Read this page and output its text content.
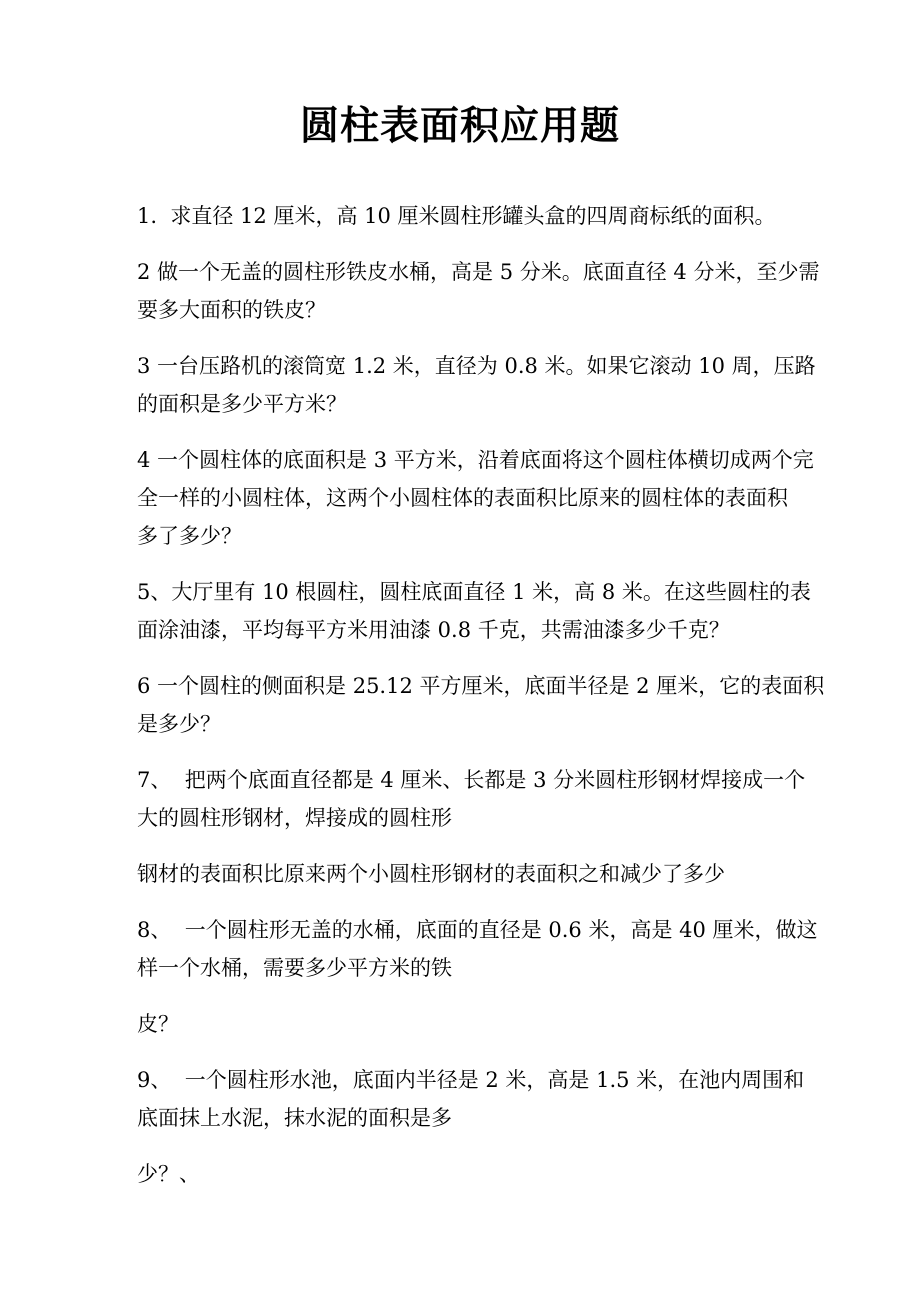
圆柱表面积应用题

1.  求直径 12 厘米，高 10 厘米圆柱形罐头盒的四周商标纸的面积。

2 做一个无盖的圆柱形铁皮水桶，高是 5 分米。底面直径 4 分米，至少需
要多大面积的铁皮？

3 一台压路机的滚筒宽 1.2 米，直径为 0.8 米。如果它滚动 10 周，压路
的面积是多少平方米？

4 一个圆柱体的底面积是 3 平方米，沿着底面将这个圆柱体横切成两个完
全一样的小圆柱体，这两个小圆柱体的表面积比原来的圆柱体的表面积
多了多少？

5、大厅里有 10 根圆柱，圆柱底面直径 1 米，高 8 米。在这些圆柱的表
面涂油漆，平均每平方米用油漆 0.8 千克，共需油漆多少千克？

6 一个圆柱的侧面积是 25.12 平方厘米，底面半径是 2 厘米，它的表面积
是多少？

7、  把两个底面直径都是 4 厘米、长都是 3 分米圆柱形钢材焊接成一个
大的圆柱形钢材，焊接成的圆柱形

钢材的表面积比原来两个小圆柱形钢材的表面积之和减少了多少

8、  一个圆柱形无盖的水桶，底面的直径是 0.6 米，高是 40 厘米，做这
样一个水桶，需要多少平方米的铁

皮？

9、  一个圆柱形水池，底面内半径是 2 米，高是 1.5 米，在池内周围和
底面抹上水泥，抹水泥的面积是多

少？、
